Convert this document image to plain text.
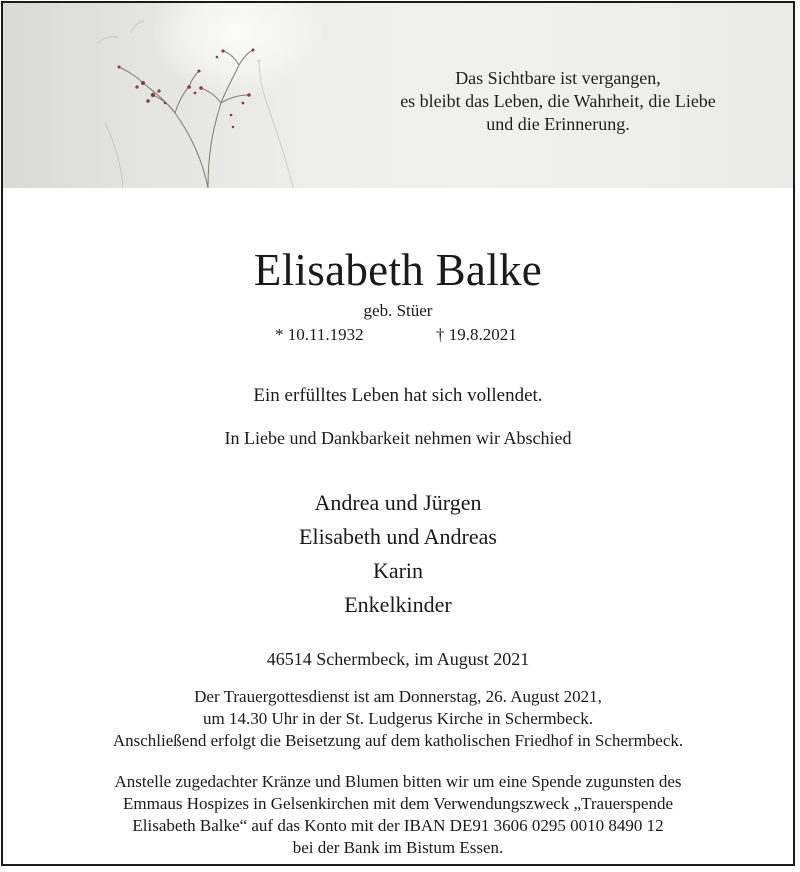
Das Sichtbare ist vergangen,
es bleibt das Leben, die Wahrheit, die Liebe
und die Erinnerung.
Elisabeth Balke
geb. Stüer
* 10.11.1932	† 19.8.2021
Ein erfülltes Leben hat sich vollendet.
In Liebe und Dankbarkeit nehmen wir Abschied
Andrea und Jürgen
Elisabeth und Andreas
Karin
Enkelkinder
46514 Schermbeck, im August 2021
Der Trauergottesdienst ist am Donnerstag, 26. August 2021,
um 14.30 Uhr in der St. Ludgerus Kirche in Schermbeck.
Anschließend erfolgt die Beisetzung auf dem katholischen Friedhof in Schermbeck.
Anstelle zugedachter Kränze und Blumen bitten wir um eine Spende zugunsten des
Emmaus Hospizes in Gelsenkirchen mit dem Verwendungszweck „Trauerspende
Elisabeth Balke“ auf das Konto mit der IBAN DE91 3606 0295 0010 8490 12
bei der Bank im Bistum Essen.
